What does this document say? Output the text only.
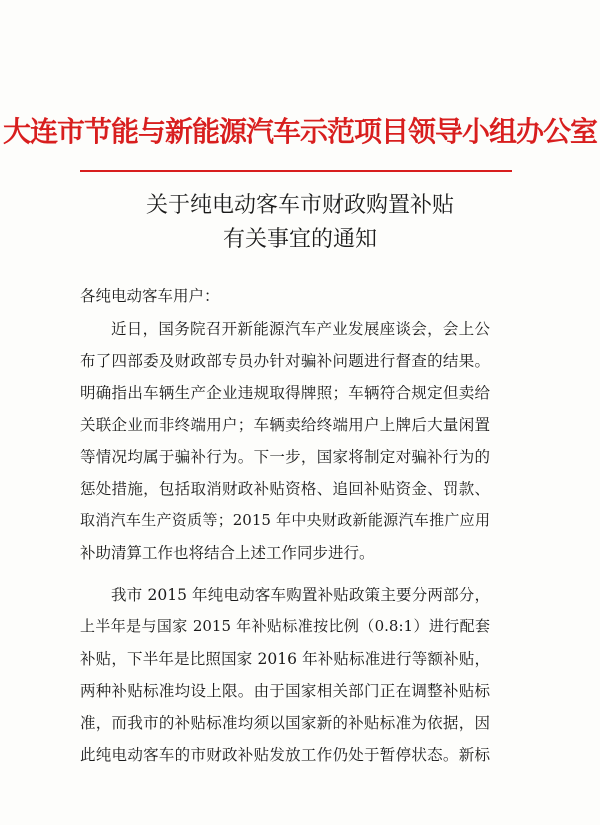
大连市节能与新能源汽车示范项目领导小组办公室
关于纯电动客车市财政购置补贴
有关事宜的通知
各纯电动客车用户：
近日，国务院召开新能源汽车产业发展座谈会，会上公
布了四部委及财政部专员办针对骗补问题进行督查的结果。
明确指出车辆生产企业违规取得牌照；车辆符合规定但卖给
关联企业而非终端用户；车辆卖给终端用户上牌后大量闲置
等情况均属于骗补行为。下一步，国家将制定对骗补行为的
惩处措施，包括取消财政补贴资格、追回补贴资金、罚款、
取消汽车生产资质等；2015 年中央财政新能源汽车推广应用
补助清算工作也将结合上述工作同步进行。
我市 2015 年纯电动客车购置补贴政策主要分两部分，
上半年是与国家 2015 年补贴标准按比例（0.8:1）进行配套
补贴，下半年是比照国家 2016 年补贴标准进行等额补贴，
两种补贴标准均设上限。由于国家相关部门正在调整补贴标
准，而我市的补贴标准均须以国家新的补贴标准为依据，因
此纯电动客车的市财政补贴发放工作仍处于暂停状态。新标
